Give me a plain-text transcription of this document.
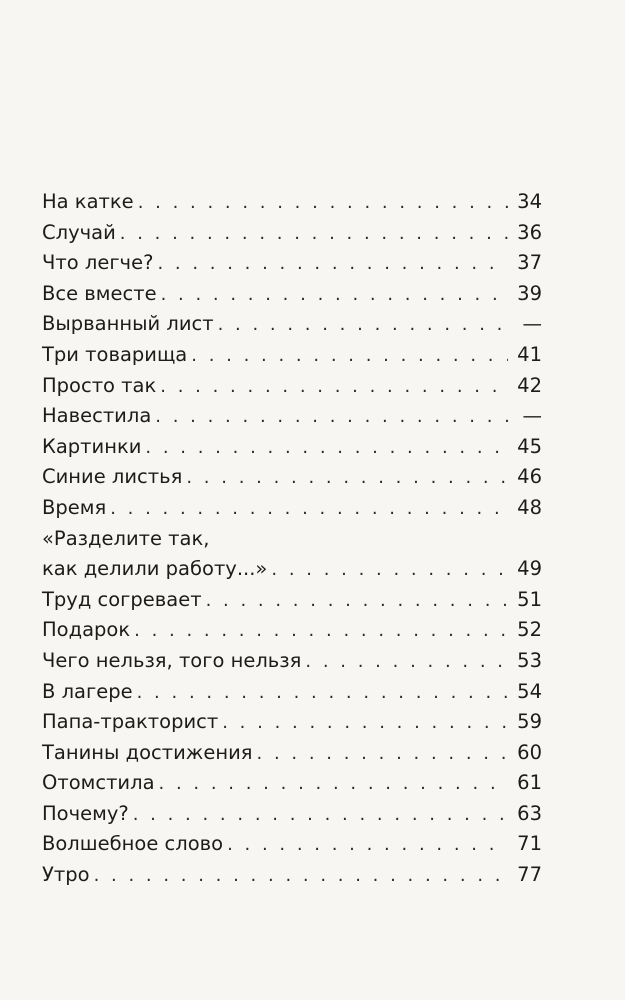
На катке . . .	34
Случай . . .	36
Что легче? . . .	37
Все вместе . . .	39
Вырванный лист . . .	—
Три товарища . . .	41
Просто так . . .	42
Навестила . . .	—
Картинки . . .	45
Синие листья . . .	46
Время . . .	48
«Разделите так,
как делили работу...» . . .	49
Труд согревает . . .	51
Подарок . . .	52
Чего нельзя, того нельзя . . .	53
В лагере . . .	54
Папа-тракторист . . .	59
Танины достижения . . .	60
Отомстила . . .	61
Почему? . . .	63
Волшебное слово . . .	71
Утро . . .	77
